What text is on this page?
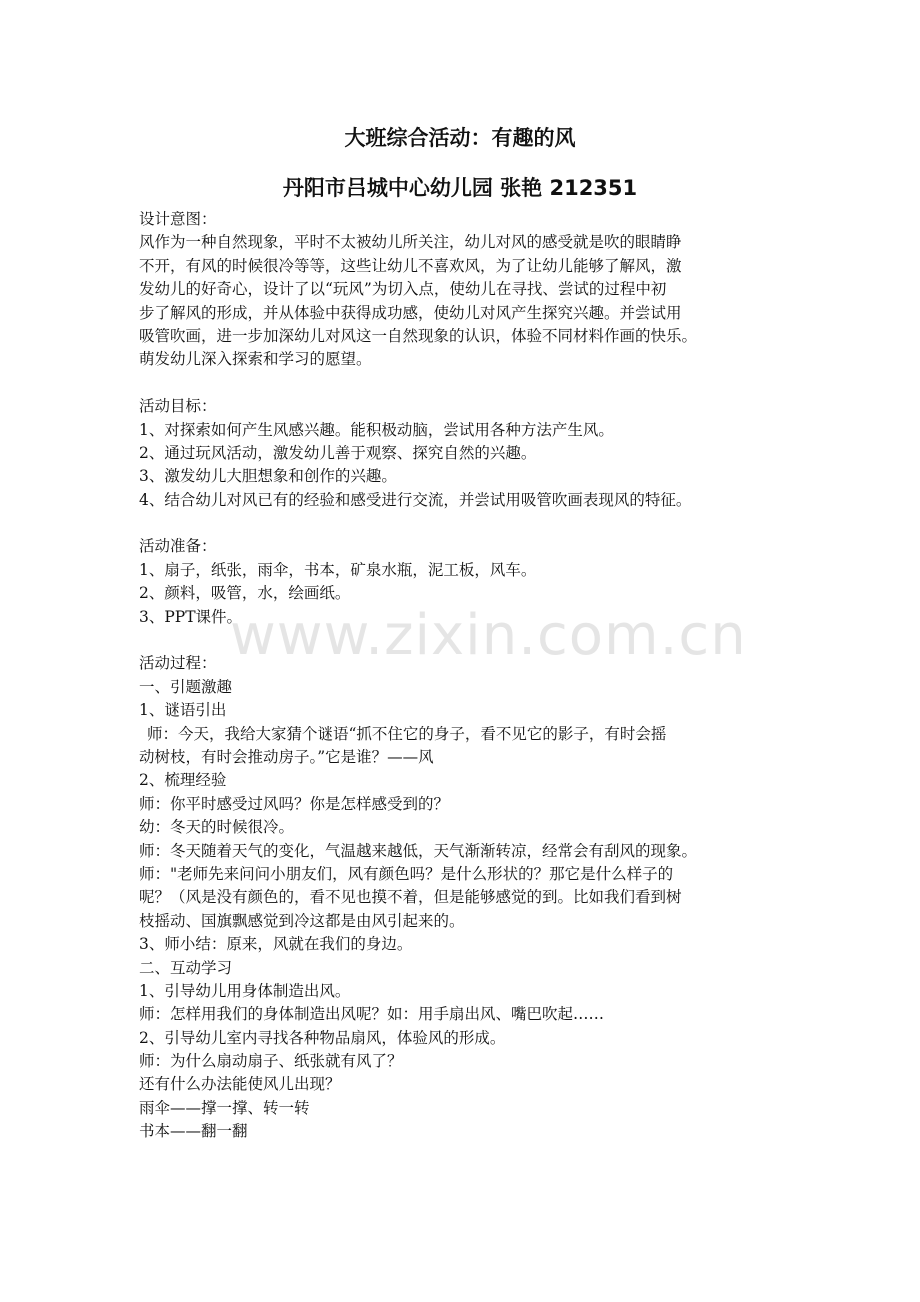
大班综合活动：有趣的风
丹阳市吕城中心幼儿园 张艳 212351
设计意图：
风作为一种自然现象，平时不太被幼儿所关注，幼儿对风的感受就是吹的眼睛睁
不开，有风的时候很冷等等，这些让幼儿不喜欢风，为了让幼儿能够了解风，激
发幼儿的好奇心，设计了以“玩风”为切入点，使幼儿在寻找、尝试的过程中初
步了解风的形成，并从体验中获得成功感，使幼儿对风产生探究兴趣。并尝试用
吸管吹画，进一步加深幼儿对风这一自然现象的认识，体验不同材料作画的快乐。
萌发幼儿深入探索和学习的愿望。
活动目标：
1、对探索如何产生风感兴趣。能积极动脑，尝试用各种方法产生风。
2、通过玩风活动，激发幼儿善于观察、探究自然的兴趣。
3、激发幼儿大胆想象和创作的兴趣。
4、结合幼儿对风已有的经验和感受进行交流，并尝试用吸管吹画表现风的特征。
活动准备：
1、扇子，纸张，雨伞，书本，矿泉水瓶，泥工板，风车。
2、颜料，吸管，水，绘画纸。
3、PPT课件。
活动过程：
一、引题激趣
1、谜语引出
师：今天，我给大家猜个谜语“抓不住它的身子，看不见它的影子，有时会摇
动树枝，有时会推动房子。”它是谁？——风
2、梳理经验
师：你平时感受过风吗？你是怎样感受到的？
幼：冬天的时候很冷。
师：冬天随着天气的变化，气温越来越低，天气渐渐转凉，经常会有刮风的现象。
师："老师先来问问小朋友们，风有颜色吗？是什么形状的？那它是什么样子的
呢？（风是没有颜色的，看不见也摸不着，但是能够感觉的到。比如我们看到树
枝摇动、国旗飘感觉到冷这都是由风引起来的。
3、师小结：原来，风就在我们的身边。
二、互动学习
1、引导幼儿用身体制造出风。
师：怎样用我们的身体制造出风呢？如：用手扇出风、嘴巴吹起……
2、引导幼儿室内寻找各种物品扇风，体验风的形成。
师：为什么扇动扇子、纸张就有风了？
还有什么办法能使风儿出现？
雨伞——撑一撑、转一转
书本——翻一翻
www.zixin.com.cn
